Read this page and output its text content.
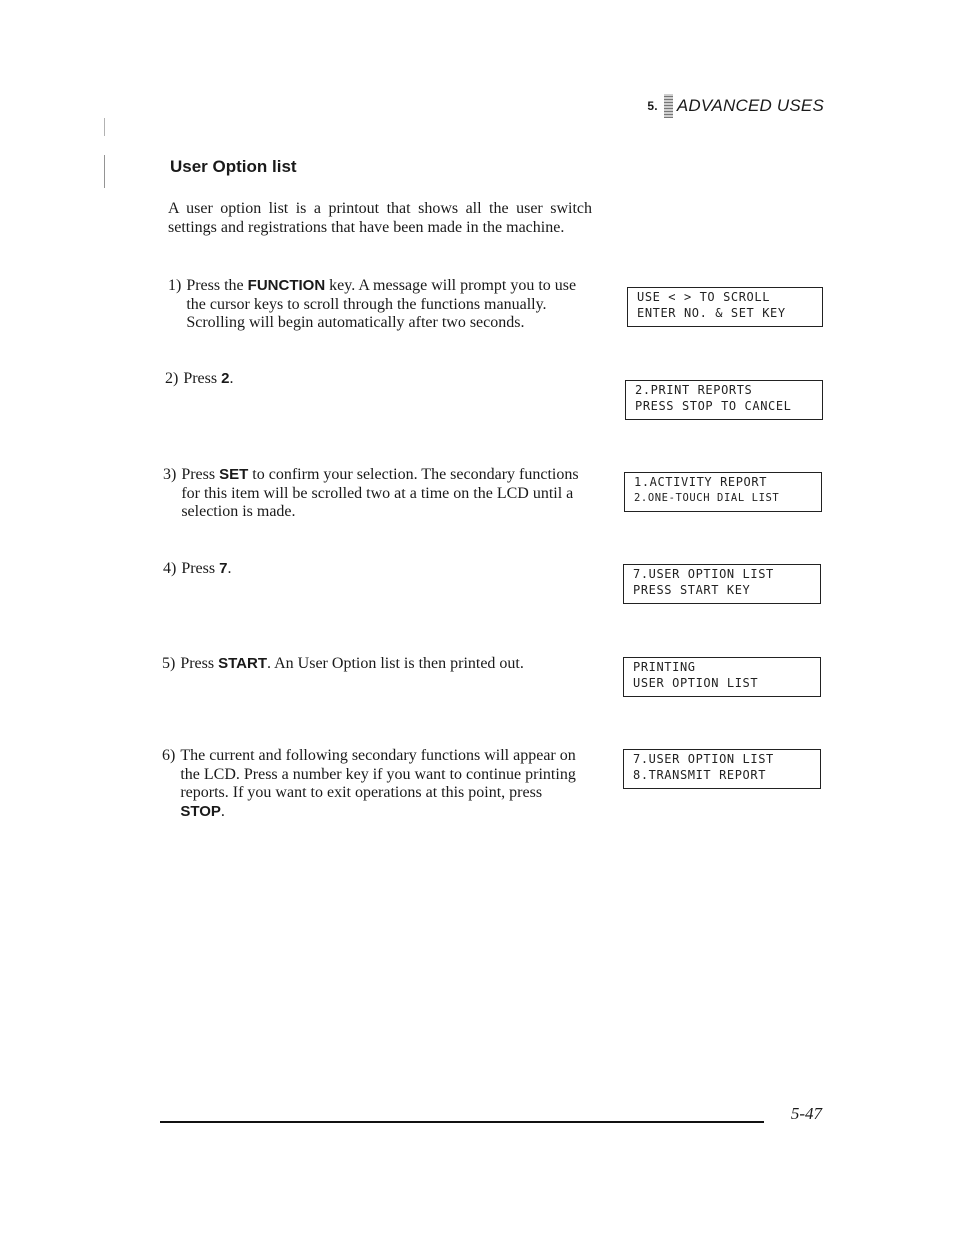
5. ADVANCED USES
User Option list
A user option list is a printout that shows all the user switch settings and registrations that have been made in the machine.
1) Press the FUNCTION key. A message will prompt you to use the cursor keys to scroll through the functions manually. Scrolling will begin automatically after two seconds.
USE < > TO SCROLL
ENTER NO. & SET KEY
2) Press 2.
2.PRINT REPORTS
PRESS STOP TO CANCEL
3) Press SET to confirm your selection. The secondary functions for this item will be scrolled two at a time on the LCD until a selection is made.
1.ACTIVITY REPORT
2.ONE-TOUCH DIAL LIST
4) Press 7.	7.USER OPTION LIST
PRESS START KEY
5) Press START. An User Option list is then printed out.	PRINTING
USER OPTION LIST
6) The current and following secondary functions will appear on the LCD. Press a number key if you want to continue printing reports. If you want to exit operations at this point, press STOP.
7.USER OPTION LIST
8.TRANSMIT REPORT
5-47
